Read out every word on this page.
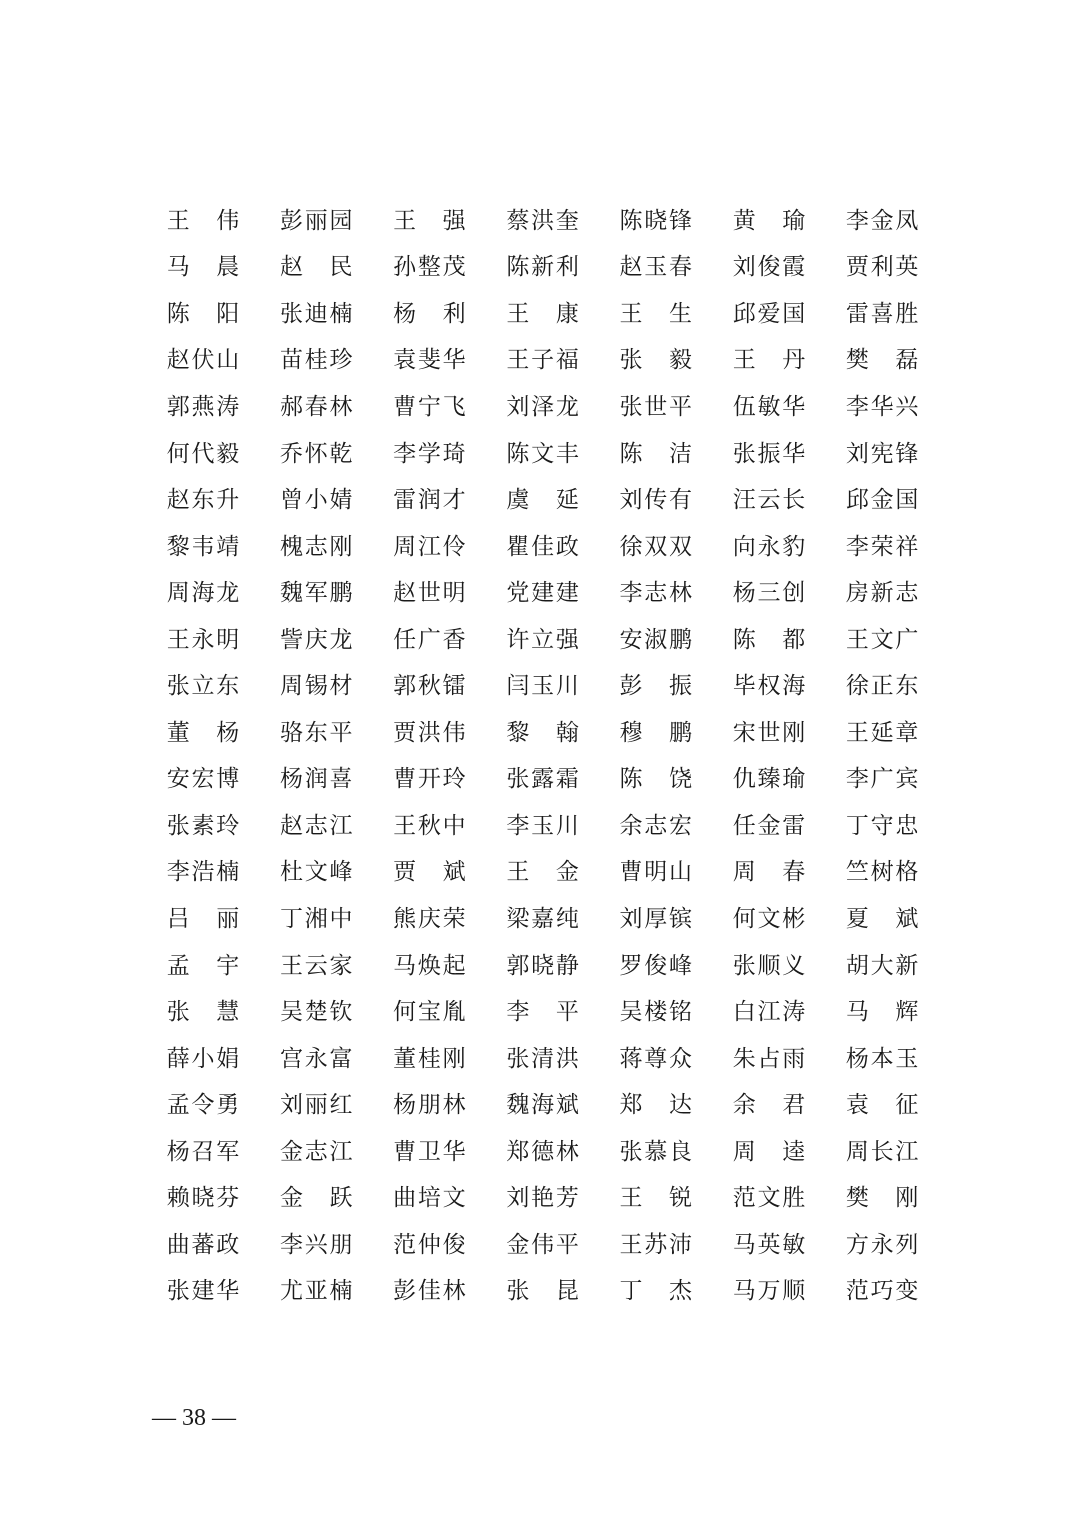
王 伟 彭 丽 园 王 强 蔡 洪 奎 陈 晓 锋 黄 瑜 李 金 凤
马 晨 赵 民 孙 整 茂 陈 新 利 赵 玉 春 刘 俊 霞 贾 利 英
陈 阳 张 迪 楠 杨 利 王 康 王 生 邱 爱 国 雷 喜 胜
赵 伏 山 苗 桂 珍 袁 斐 华 王 子 福 张 毅 王 丹 樊 磊
郭 燕 涛 郝 春 林 曹 宁 飞 刘 泽 龙 张 世 平 伍 敏 华 李 华 兴
何 代 毅 乔 怀 乾 李 学 琦 陈 文 丰 陈 洁 张 振 华 刘 宪 锋
赵 东 升 曾 小 婧 雷 润 才 虞 延 刘 传 有 汪 云 长 邱 金 国
黎 韦 靖 槐 志 刚 周 江 伶 瞿 佳 政 徐 双 双 向 永 豹 李 荣 祥
周 海 龙 魏 军 鹏 赵 世 明 党 建 建 李 志 林 杨 三 创 房 新 志
王 永 明 訾 庆 龙 任 广 香 许 立 强 安 淑 鹏 陈 都 王 文 广
张 立 东 周 锡 材 郭 秋 镭 闫 玉 川 彭 振 毕 权 海 徐 正 东
董 杨 骆 东 平 贾 洪 伟 黎 翰 穆 鹏 宋 世 刚 王 延 章
安 宏 博 杨 润 喜 曹 开 玲 张 露 霜 陈 饶 仇 臻 瑜 李 广 宾
张 素 玲 赵 志 江 王 秋 中 李 玉 川 余 志 宏 任 金 雷 丁 守 忠
李 浩 楠 杜 文 峰 贾 斌 王 金 曹 明 山 周 春 竺 树 格
吕 丽 丁 湘 中 熊 庆 荣 梁 嘉 纯 刘 厚 镔 何 文 彬 夏 斌
孟 宇 王 云 家 马 焕 起 郭 晓 静 罗 俊 峰 张 顺 义 胡 大 新
张 慧 吴 楚 钦 何 宝 胤 李 平 吴 楼 铭 白 江 涛 马 辉
薛 小 娟 宫 永 富 董 桂 刚 张 清 洪 蒋 尊 众 朱 占 雨 杨 本 玉
孟 令 勇 刘 丽 红 杨 朋 林 魏 海 斌 郑 达 余 君 袁 征
杨 召 军 金 志 江 曹 卫 华 郑 德 林 张 慕 良 周 逵 周 长 江
赖 晓 芬 金 跃 曲 培 文 刘 艳 芳 王 锐 范 文 胜 樊 刚
曲 蕃 政 李 兴 朋 范 仲 俊 金 伟 平 王 苏 沛 马 英 敏 方 永 列
张 建 华 尤 亚 楠 彭 佳 林 张 昆 丁 杰 马 万 顺 范 巧 变
— 38 —
